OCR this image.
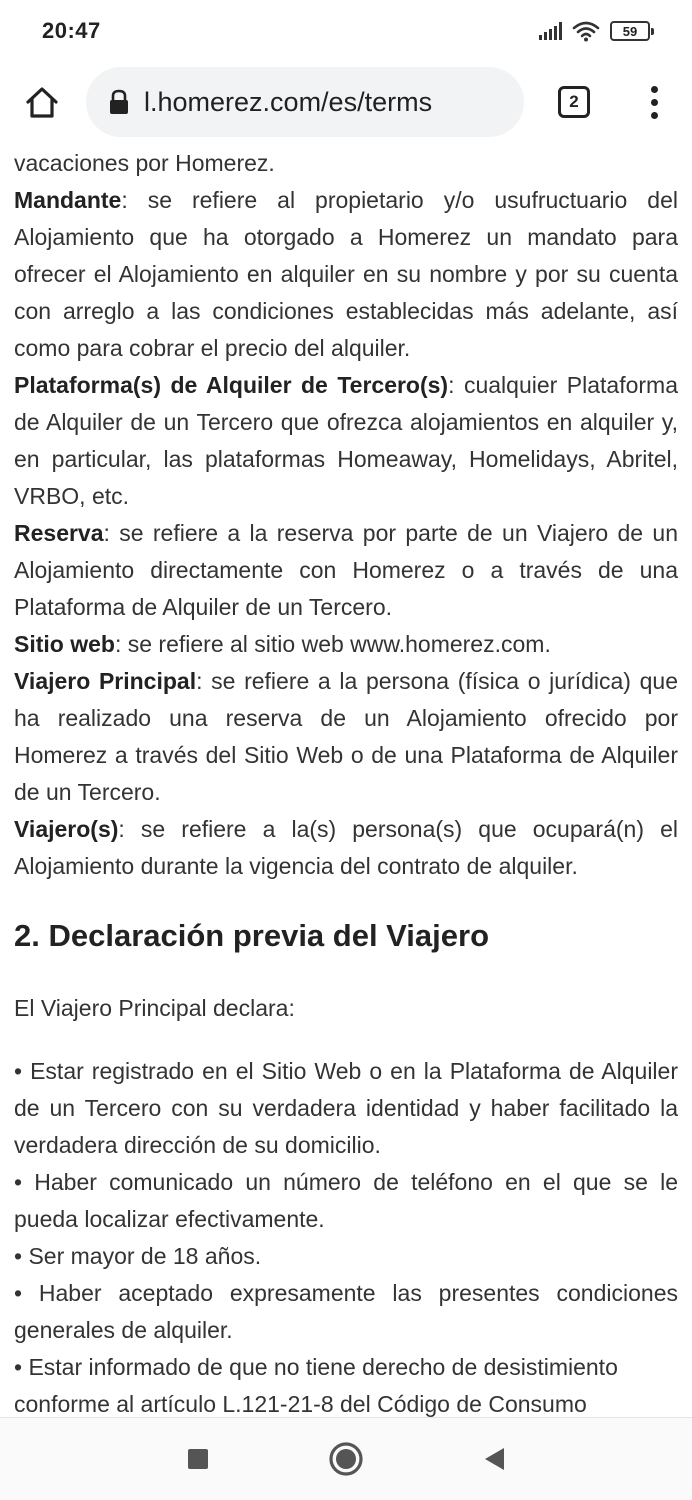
20:47	59
l.homerez.com/es/terms	2

vacaciones por Homerez.

Mandante: se refiere al propietario y/o usufructuario del Alojamiento que ha otorgado a Homerez un mandato para ofrecer el Alojamiento en alquiler en su nombre y por su cuenta con arreglo a las condiciones establecidas más adelante, así como para cobrar el precio del alquiler.

Plataforma(s) de Alquiler de Tercero(s): cualquier Plataforma de Alquiler de un Tercero que ofrezca alojamientos en alquiler y, en particular, las plataformas Homeaway, Homelidays, Abritel, VRBO, etc.

Reserva: se refiere a la reserva por parte de un Viajero de un Alojamiento directamente con Homerez o a través de una Plataforma de Alquiler de un Tercero.

Sitio web: se refiere al sitio web www.homerez.com.

Viajero Principal: se refiere a la persona (física o jurídica) que ha realizado una reserva de un Alojamiento ofrecido por Homerez a través del Sitio Web o de una Plataforma de Alquiler de un Tercero.

Viajero(s): se refiere a la(s) persona(s) que ocupará(n) el Alojamiento durante la vigencia del contrato de alquiler.

2. Declaración previa del Viajero

El Viajero Principal declara:

• Estar registrado en el Sitio Web o en la Plataforma de Alquiler de un Tercero con su verdadera identidad y haber facilitado la verdadera dirección de su domicilio.

• Haber comunicado un número de teléfono en el que se le pueda localizar efectivamente.

• Ser mayor de 18 años.

• Haber aceptado expresamente las presentes condiciones generales de alquiler.

• Estar informado de que no tiene derecho de desistimiento

conforme al artículo L.121-21-8 del Código de Consumo
